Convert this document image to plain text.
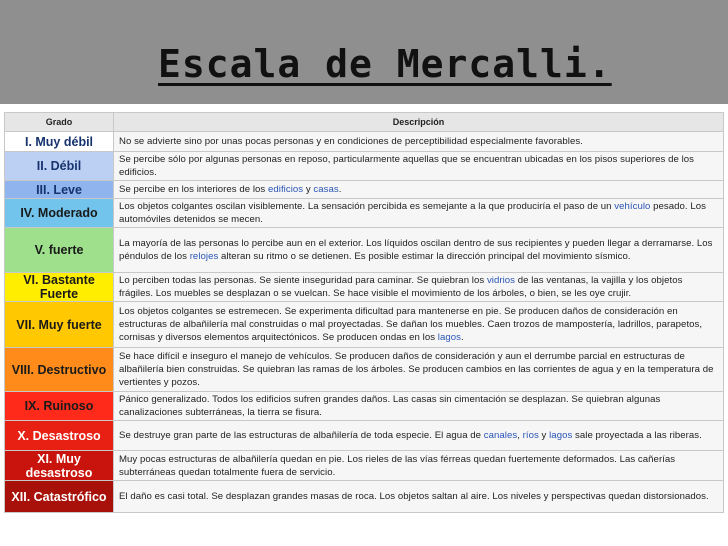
Escala de Mercalli.
Grado	Descripción
I. Muy débil	No se advierte sino por unas pocas personas y en condiciones de perceptibilidad especialmente favorables.
II. Débil	Se percibe sólo por algunas personas en reposo, particularmente aquellas que se encuentran ubicadas en los pisos superiores de los edificios.
III. Leve	Se percibe en los interiores de los edificios y casas.
IV. Moderado	Los objetos colgantes oscilan visiblemente. La sensación percibida es semejante a la que produciría el paso de un vehículo pesado. Los automóviles detenidos se mecen.
V. fuerte	La mayoría de las personas lo percibe aun en el exterior. Los líquidos oscilan dentro de sus recipientes y pueden llegar a derramarse. Los péndulos de los relojes alteran su ritmo o se detienen. Es posible estimar la dirección principal del movimiento sísmico.
VI. Bastante Fuerte	Lo perciben todas las personas. Se siente inseguridad para caminar. Se quiebran los vidrios de las ventanas, la vajilla y los objetos frágiles. Los muebles se desplazan o se vuelcan. Se hace visible el movimiento de los árboles, o bien, se les oye crujir.
VII. Muy fuerte	Los objetos colgantes se estremecen. Se experimenta dificultad para mantenerse en pie. Se producen daños de consideración en estructuras de albañilería mal construidas o mal proyectadas. Se dañan los muebles. Caen trozos de mampostería, ladrillos, parapetos, cornisas y diversos elementos arquitectónicos. Se producen ondas en los lagos.
VIII. Destructivo	Se hace difícil e inseguro el manejo de vehículos. Se producen daños de consideración y aun el derrumbe parcial en estructuras de albañilería bien construidas. Se quiebran las ramas de los árboles. Se producen cambios en las corrientes de agua y en la temperatura de vertientes y pozos.
IX. Ruinoso	Pánico generalizado. Todos los edificios sufren grandes daños. Las casas sin cimentación se desplazan. Se quiebran algunas canalizaciones subterráneas, la tierra se fisura.
X. Desastroso	Se destruye gran parte de las estructuras de albañilería de toda especie. El agua de canales, ríos y lagos sale proyectada a las riberas.
XI. Muy desastroso	Muy pocas estructuras de albañilería quedan en pie. Los rieles de las vías férreas quedan fuertemente deformados. Las cañerías subterráneas quedan totalmente fuera de servicio.
XII. Catastrófico	El daño es casi total. Se desplazan grandes masas de roca. Los objetos saltan al aire. Los niveles y perspectivas quedan distorsionados.
